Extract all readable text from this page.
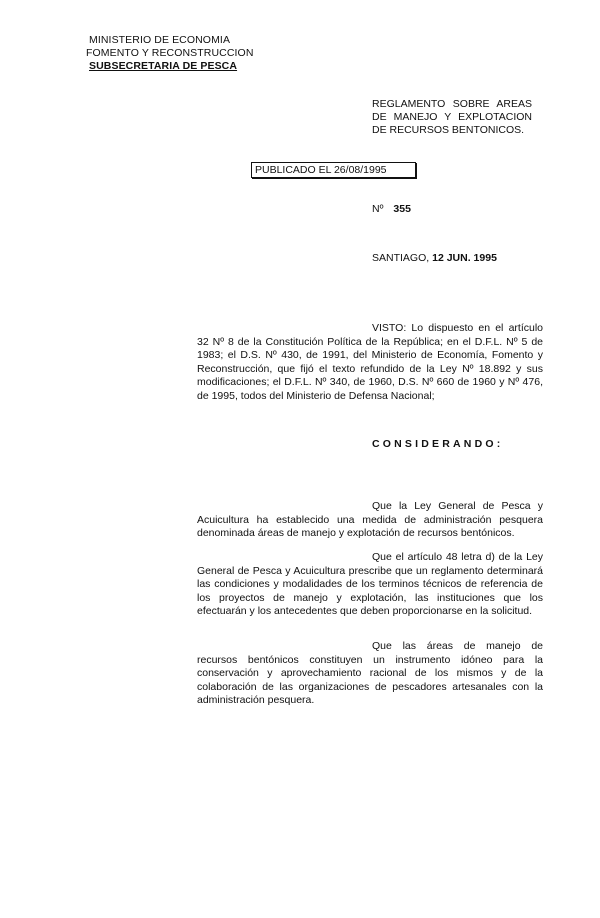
MINISTERIO DE ECONOMIA
FOMENTO Y RECONSTRUCCION
SUBSECRETARIA DE PESCA
REGLAMENTO SOBRE AREAS
DE MANEJO Y EXPLOTACION
DE RECURSOS BENTONICOS.
PUBLICADO EL 26/08/1995
Nº 355
SANTIAGO, 12 JUN. 1995
VISTO: Lo dispuesto en el artículo 32 Nº 8 de la Constitución Política de la República; en el D.F.L. Nº 5 de 1983; el D.S. Nº 430, de 1991, del Ministerio de Economía, Fomento y Reconstrucción, que fijó el texto refundido de la Ley Nº 18.892 y sus modificaciones; el D.F.L. Nº 340, de 1960, D.S. Nº 660 de 1960 y Nº 476, de 1995, todos del Ministerio de Defensa Nacional;
CONSIDERANDO:
Que la Ley General de Pesca y Acuicultura ha establecido una medida de administración pesquera denominada áreas de manejo y explotación de recursos bentónicos.
Que el artículo 48 letra d) de la Ley General de Pesca y Acuicultura prescribe que un reglamento determinará las condiciones y modalidades de los terminos técnicos de referencia de los proyectos de manejo y explotación, las instituciones que los efectuarán y los antecedentes que deben proporcionarse en la solicitud.
Que las áreas de manejo de recursos bentónicos constituyen un instrumento idóneo para la conservación y aprovechamiento racional de los mismos y de la colaboración de las organizaciones de pescadores artesanales con la administración pesquera.
